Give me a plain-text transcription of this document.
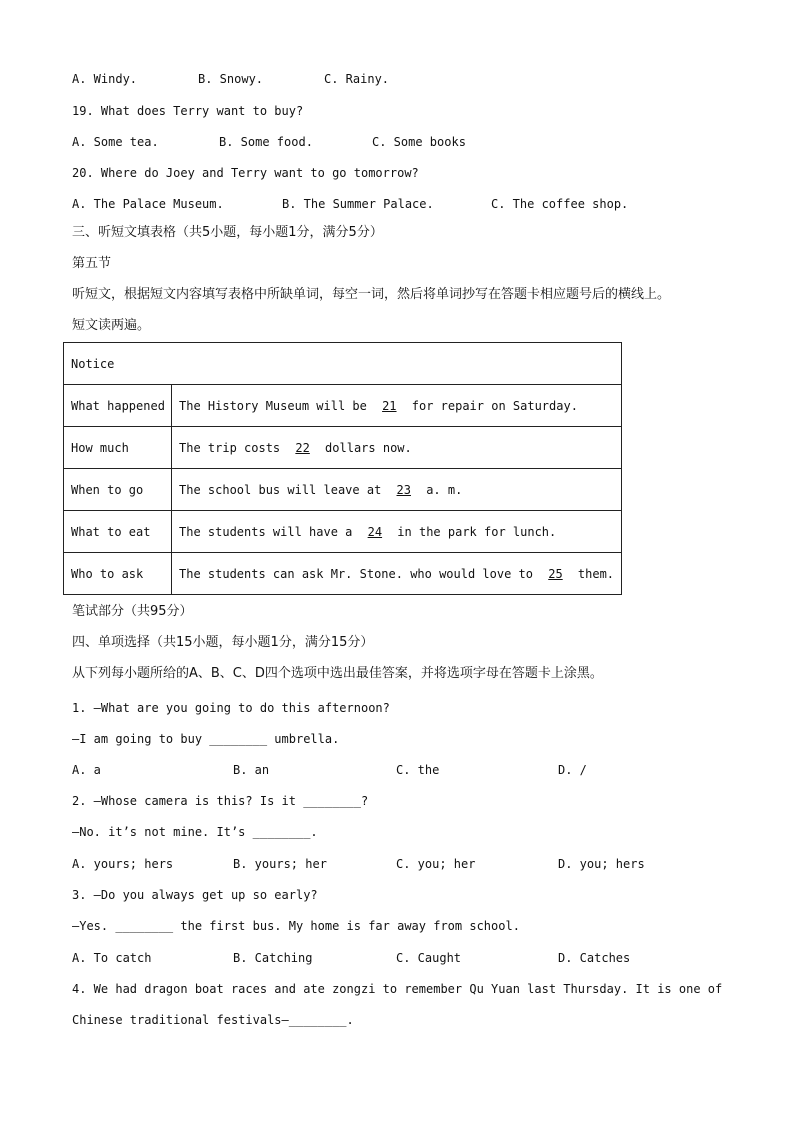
A. Windy.	B. Snowy.	C. Rainy.
19. What does Terry want to buy?
A. Some tea.	B. Some food.	C. Some books
20. Where do Joey and Terry want to go tomorrow?
A. The Palace Museum.	B. The Summer Palace.	C. The coffee shop.
三、听短文填表格（共5小题，每小题1分，满分5分）
第五节
听短文，根据短文内容填写表格中所缺单词，每空一词，然后将单词抄写在答题卡相应题号后的横线上。
短文读两遍。
Notice	
What happened	The History Museum will be 21 for repair on Saturday.
How much	The trip costs 22 dollars now.
When to go	The school bus will leave at 23 a. m.
What to eat	The students will have a 24 in the park for lunch.
Who to ask	The students can ask Mr. Stone. who would love to 25 them.
笔试部分（共95分）
四、单项选择（共15小题，每小题1分，满分15分）
从下列每小题所给的A、B、C、D四个选项中选出最佳答案，并将选项字母在答题卡上涂黑。
1. —What are you going to do this afternoon?
—I am going to buy ________ umbrella.
A. a	B. an	C. the	D. /
2. —Whose camera is this? Is it ________?
—No. it’s not mine. It’s ________.
A. yours; hers	B. yours; her	C. you; her	D. you; hers
3. —Do you always get up so early?
—Yes. ________ the first bus. My home is far away from school.
A. To catch	B. Catching	C. Caught	D. Catches
4. We had dragon boat races and ate zongzi to remember Qu Yuan last Thursday. It is one of
Chinese traditional festivals—________.
